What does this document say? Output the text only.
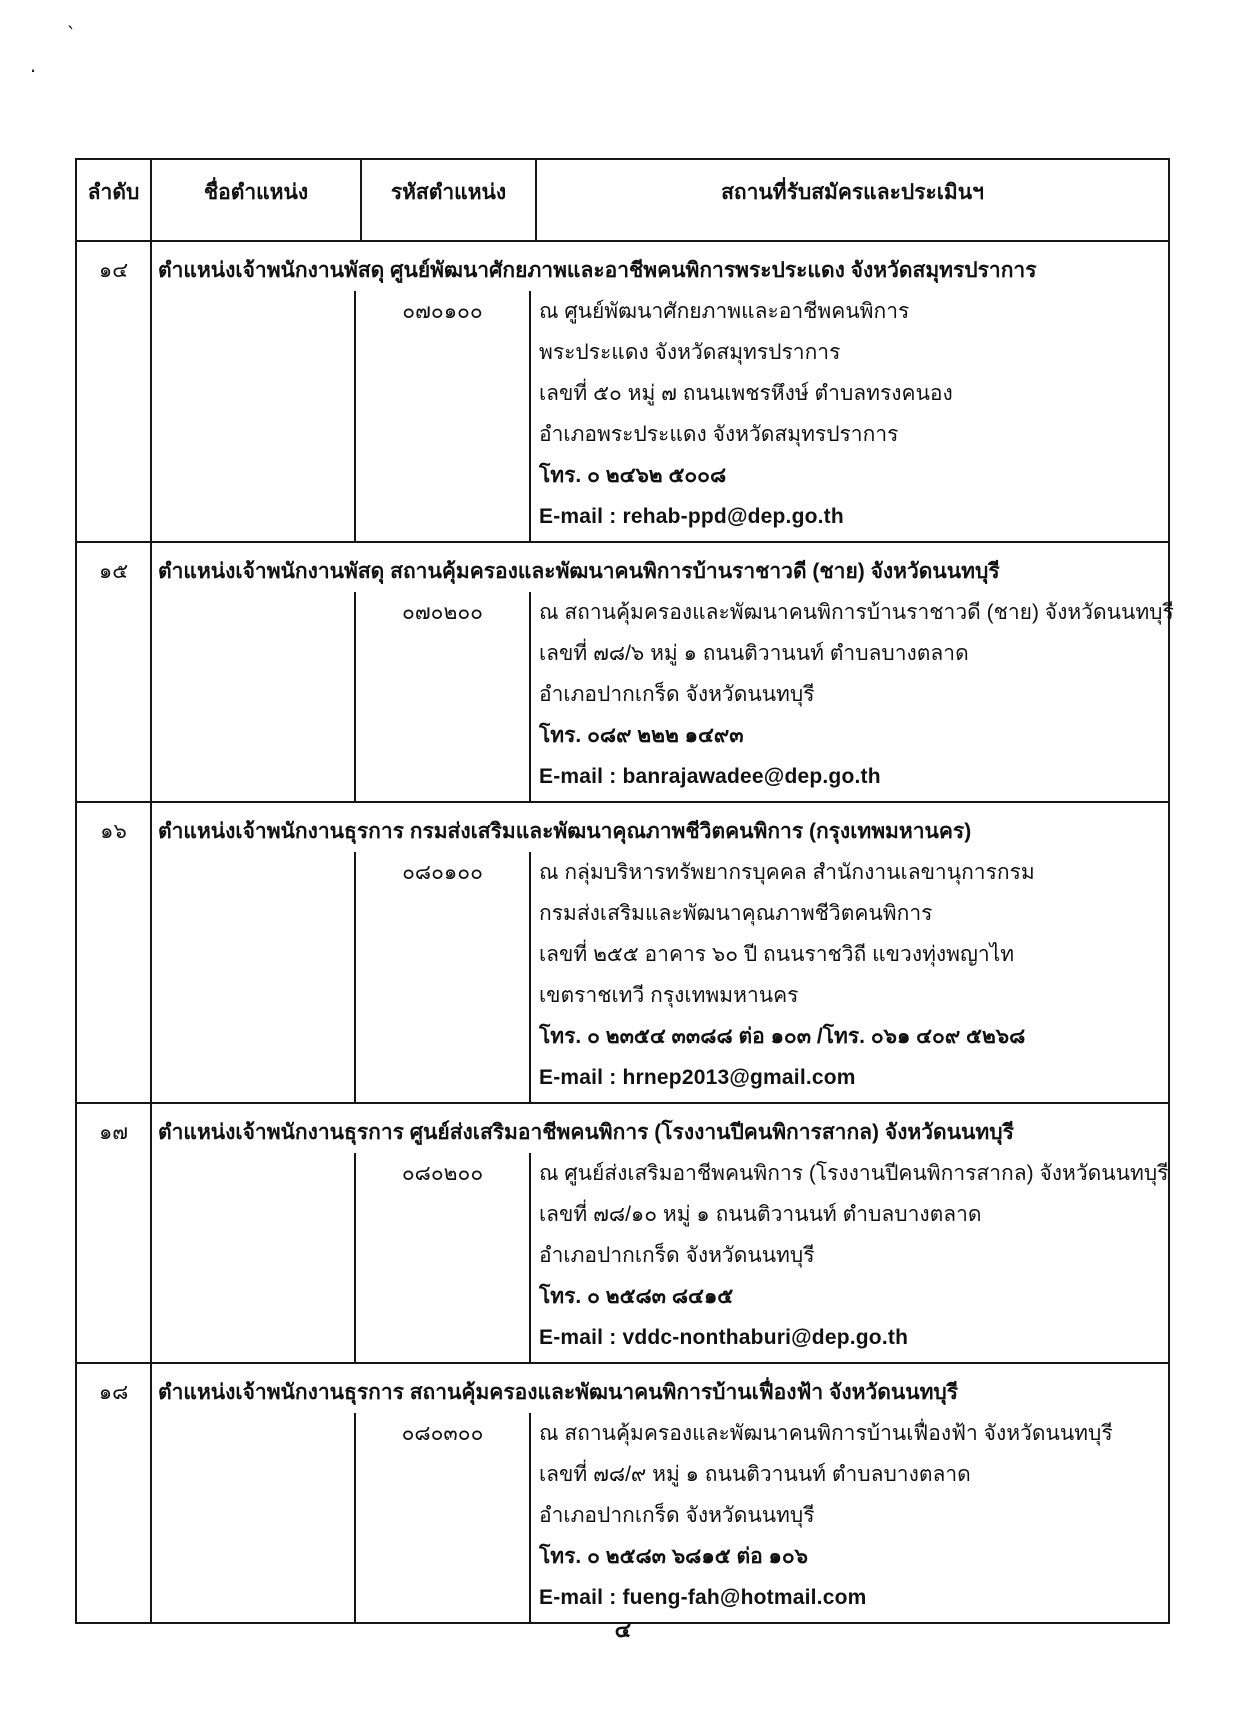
`
.
ลำดับ	ชื่อตำแหน่ง	รหัสตำแหน่ง	สถานที่รับสมัครและประเมินฯ
๑๔	ตำแหน่งเจ้าพนักงานพัสดุ ศูนย์พัฒนาศักยภาพและอาชีพคนพิการพระประแดง จังหวัดสมุทรปราการ
๐๗๐๑๐๐	ณ ศูนย์พัฒนาศักยภาพและอาชีพคนพิการ
พระประแดง จังหวัดสมุทรปราการ
เลขที่ ๕๐ หมู่ ๗ ถนนเพชรหึงษ์ ตำบลทรงคนอง
อำเภอพระประแดง จังหวัดสมุทรปราการ
โทร. ๐ ๒๔๖๒ ๕๐๐๘
E-mail : rehab-ppd@dep.go.th
๑๕	ตำแหน่งเจ้าพนักงานพัสดุ สถานคุ้มครองและพัฒนาคนพิการบ้านราชาวดี (ชาย) จังหวัดนนทบุรี
๐๗๐๒๐๐	ณ สถานคุ้มครองและพัฒนาคนพิการบ้านราชาวดี (ชาย) จังหวัดนนทบุรี
เลขที่ ๗๘/๖ หมู่ ๑ ถนนติวานนท์ ตำบลบางตลาด
อำเภอปากเกร็ด จังหวัดนนทบุรี
โทร. ๐๘๙ ๒๒๒ ๑๔๙๓
E-mail : banrajawadee@dep.go.th
๑๖	ตำแหน่งเจ้าพนักงานธุรการ กรมส่งเสริมและพัฒนาคุณภาพชีวิตคนพิการ (กรุงเทพมหานคร)
๐๘๐๑๐๐	ณ กลุ่มบริหารทรัพยากรบุคคล สำนักงานเลขานุการกรม
กรมส่งเสริมและพัฒนาคุณภาพชีวิตคนพิการ
เลขที่ ๒๕๕ อาคาร ๖๐ ปี ถนนราชวิถี แขวงทุ่งพญาไท
เขตราชเทวี กรุงเทพมหานคร
โทร. ๐ ๒๓๕๔ ๓๓๘๘ ต่อ ๑๐๓ /โทร. ๐๖๑ ๔๐๙ ๕๒๖๘
E-mail : hrnep2013@gmail.com
๑๗	ตำแหน่งเจ้าพนักงานธุรการ ศูนย์ส่งเสริมอาชีพคนพิการ (โรงงานปีคนพิการสากล) จังหวัดนนทบุรี
๐๘๐๒๐๐	ณ ศูนย์ส่งเสริมอาชีพคนพิการ (โรงงานปีคนพิการสากล) จังหวัดนนทบุรี
เลขที่ ๗๘/๑๐ หมู่ ๑ ถนนติวานนท์ ตำบลบางตลาด
อำเภอปากเกร็ด จังหวัดนนทบุรี
โทร. ๐ ๒๕๘๓ ๘๔๑๕
E-mail : vddc-nonthaburi@dep.go.th
๑๘	ตำแหน่งเจ้าพนักงานธุรการ สถานคุ้มครองและพัฒนาคนพิการบ้านเฟื่องฟ้า จังหวัดนนทบุรี
๐๘๐๓๐๐	ณ สถานคุ้มครองและพัฒนาคนพิการบ้านเฟื่องฟ้า จังหวัดนนทบุรี
เลขที่ ๗๘/๙ หมู่ ๑ ถนนติวานนท์ ตำบลบางตลาด
อำเภอปากเกร็ด จังหวัดนนทบุรี
โทร. ๐ ๒๕๘๓ ๖๘๑๕ ต่อ ๑๐๖
E-mail : fueng-fah@hotmail.com
๔
